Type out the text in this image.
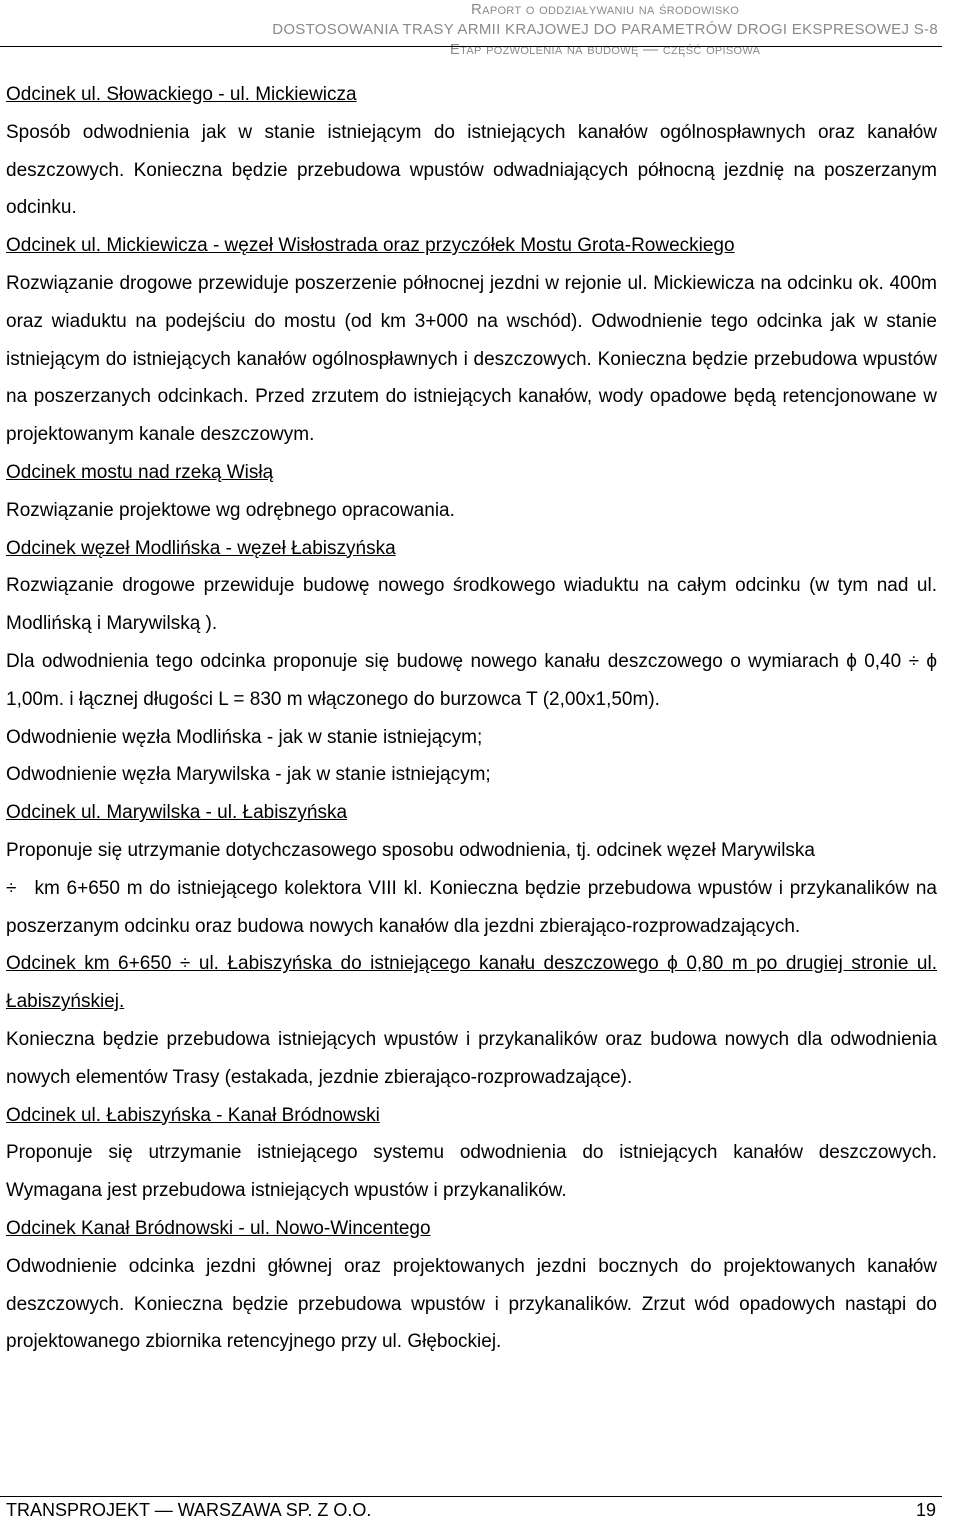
Raport o oddziaływaniu na środowisko
DOSTOSOWANIA TRASY ARMII KRAJOWEJ DO PARAMETRÓW DROGI EKSPRESOWEJ S-8
Etap pozwolenia na budowę — część opisowa

Odcinek ul. Słowackiego - ul. Mickiewicza

Sposób odwodnienia jak w stanie istniejącym do istniejących kanałów ogólnospławnych oraz kanałów deszczowych. Konieczna będzie przebudowa wpustów odwadniających północną jezdnię na poszerzanym odcinku.

Odcinek ul. Mickiewicza - węzeł Wisłostrada oraz przyczółek Mostu Grota-Roweckiego

Rozwiązanie drogowe przewiduje poszerzenie północnej jezdni w rejonie ul. Mickiewicza na odcinku ok. 400m oraz wiaduktu na podejściu do mostu (od km 3+000 na wschód). Odwodnienie tego odcinka jak w stanie istniejącym do istniejących kanałów ogólnospławnych i deszczowych. Konieczna będzie przebudowa wpustów na poszerzanych odcinkach. Przed zrzutem do istniejących kanałów, wody opadowe będą retencjonowane w projektowanym kanale deszczowym.

Odcinek mostu nad rzeką Wisłą

Rozwiązanie projektowe wg odrębnego opracowania.

Odcinek węzeł Modlińska - węzeł Łabiszyńska

Rozwiązanie drogowe przewiduje budowę nowego środkowego wiaduktu na całym odcinku (w tym nad ul. Modlińską i Marywilską ).

Dla odwodnienia tego odcinka proponuje się budowę nowego kanału deszczowego o wymiarach ϕ 0,40 ÷ ϕ 1,00m. i łącznej długości L = 830 m włączonego do burzowca T (2,00x1,50m).

Odwodnienie węzła Modlińska - jak w stanie istniejącym;

Odwodnienie węzła Marywilska - jak w stanie istniejącym;

Odcinek ul. Marywilska - ul. Łabiszyńska

Proponuje się utrzymanie dotychczasowego sposobu odwodnienia, tj. odcinek węzeł Marywilska

÷ km 6+650 m do istniejącego kolektora VIII kl. Konieczna będzie przebudowa wpustów i przykanalików na poszerzanym odcinku oraz budowa nowych kanałów dla jezdni zbierająco-rozprowadzających.

Odcinek km 6+650 ÷ ul. Łabiszyńska do istniejącego kanału deszczowego ϕ 0,80 m po drugiej stronie ul. Łabiszyńskiej.

Konieczna będzie przebudowa istniejących wpustów i przykanalików oraz budowa nowych dla odwodnienia nowych elementów Trasy (estakada, jezdnie zbierająco-rozprowadzające).

Odcinek ul. Łabiszyńska - Kanał Bródnowski

Proponuje się utrzymanie istniejącego systemu odwodnienia do istniejących kanałów deszczowych. Wymagana jest przebudowa istniejących wpustów i przykanalików.

Odcinek Kanał Bródnowski - ul. Nowo-Wincentego

Odwodnienie odcinka jezdni głównej oraz projektowanych jezdni bocznych do projektowanych kanałów deszczowych. Konieczna będzie przebudowa wpustów i przykanalików. Zrzut wód opadowych nastąpi do projektowanego zbiornika retencyjnego przy ul. Głębockiej.

TRANSPROJEKT — WARSZAWA SP. Z O.O.	19
